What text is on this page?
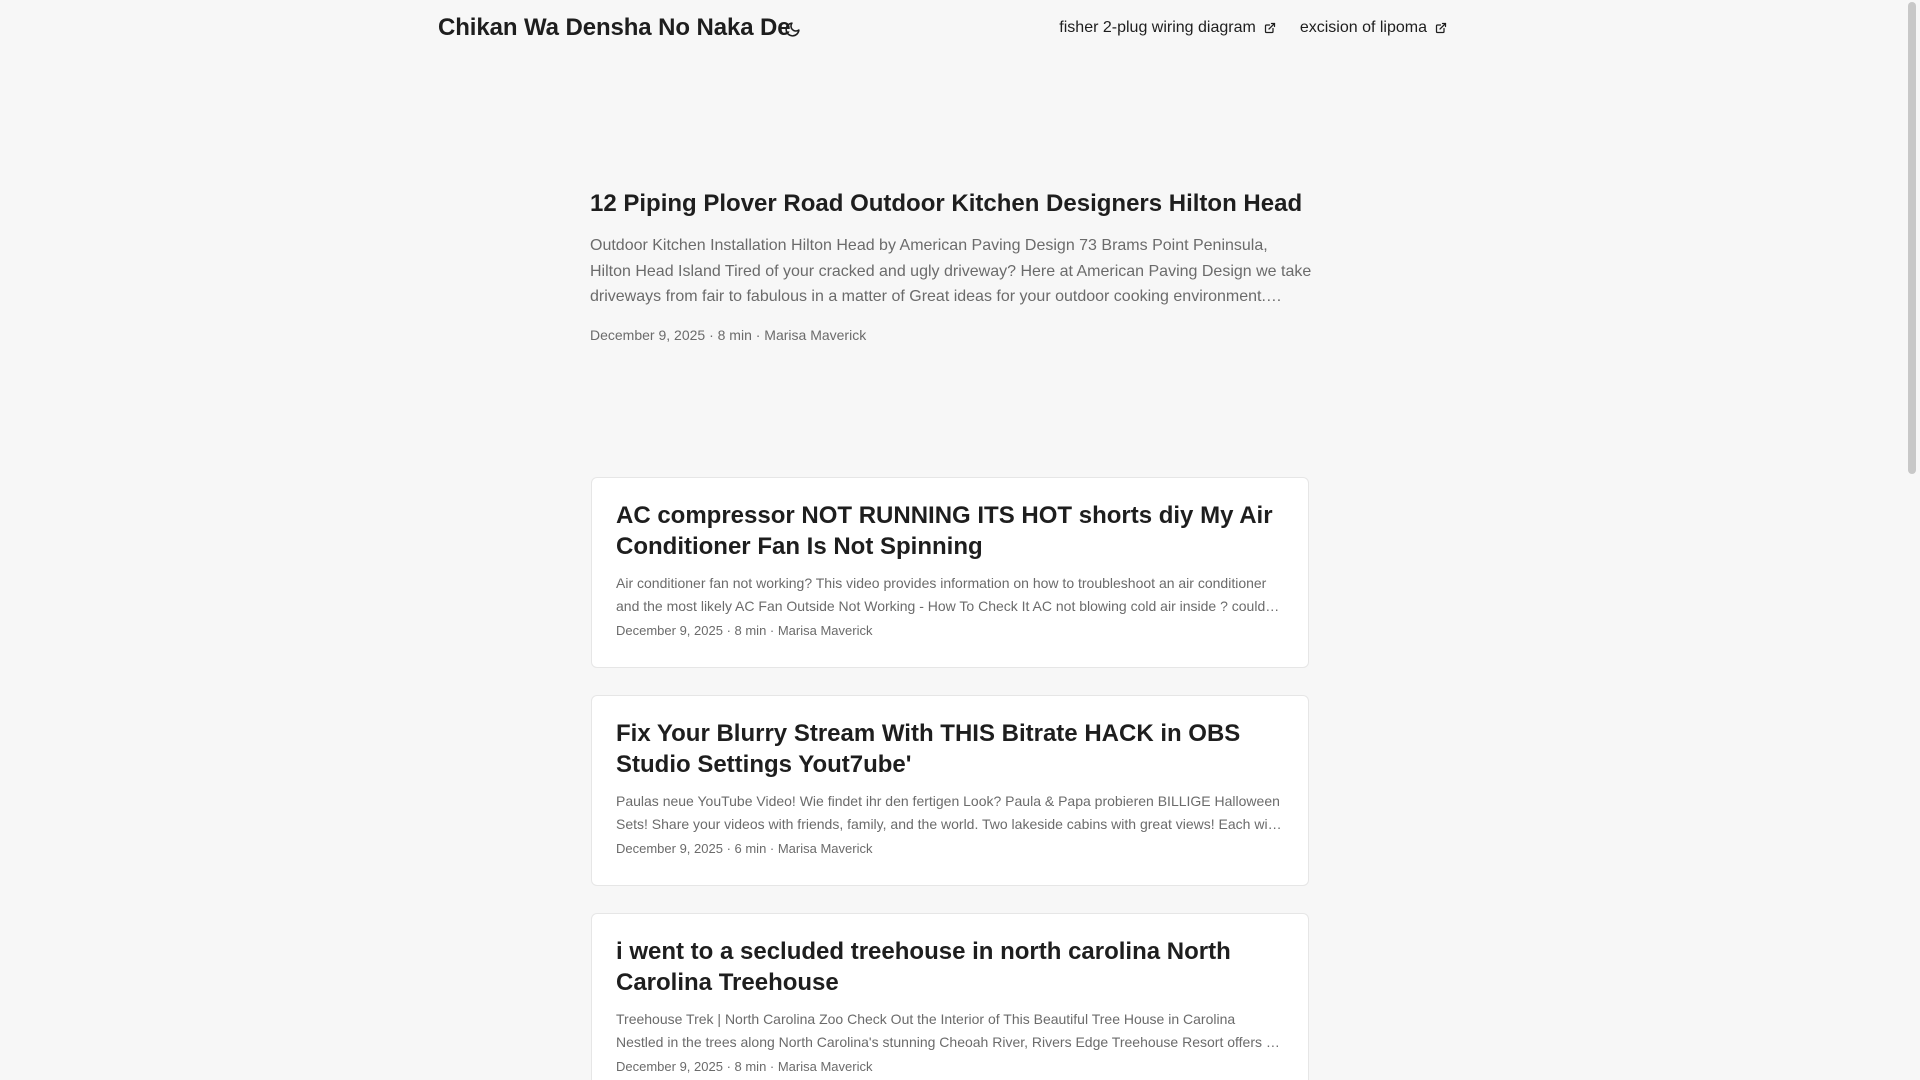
Chikan Wa Densha No Naka De	fisher 2-plug wiring diagram	excision of lipoma
12 Piping Plover Road Outdoor Kitchen Designers Hilton Head

Outdoor Kitchen Installation Hilton Head by American Paving Design 73 Brams Point Peninsula, Hilton Head Island Tired of your cracked and ugly driveway? Here at American Paving Design we take driveways from fair to fabulous in a matter of Great ideas for your outdoor cooking environment.

December 9, 2025 · 8 min · Marisa Maverick
AC compressor NOT RUNNING ITS HOT shorts diy My Air Conditioner Fan Is Not Spinning

Air conditioner fan not working? This video provides information on how to troubleshoot an air conditioner and the most likely AC Fan Outside Not Working - How To Check It AC not blowing cold air inside ? could

December 9, 2025 · 8 min · Marisa Maverick
Fix Your Blurry Stream With THIS Bitrate HACK in OBS Studio Settings Yout7ube'

Paulas neue YouTube Video! Wie findet ihr den fertigen Look? Paula & Papa probieren BILLIGE Halloween Sets! Share your videos with friends, family, and the world. Two lakeside cabins with great views! Each with

December 9, 2025 · 6 min · Marisa Maverick
i went to a secluded treehouse in north carolina North Carolina Treehouse

Treehouse Trek | North Carolina Zoo Check Out the Interior of This Beautiful Tree House in Carolina Nestled in the trees along North Carolina's stunning Cheoah River, Rivers Edge Treehouse Resort offers a

December 9, 2025 · 8 min · Marisa Maverick
